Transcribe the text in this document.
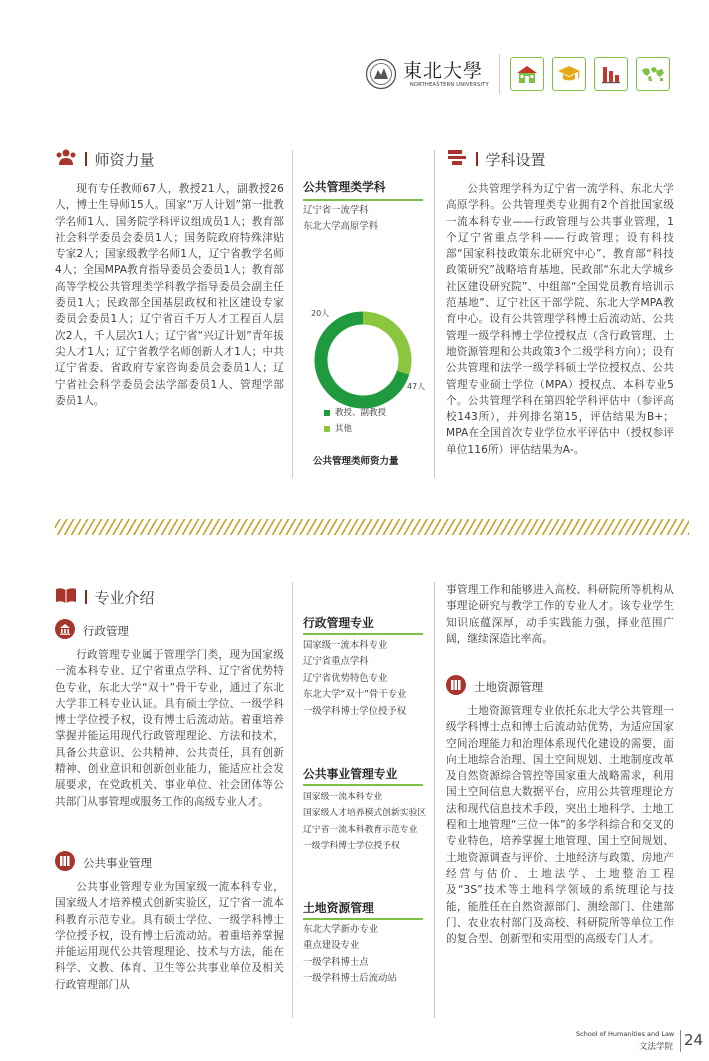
東北大學
NORTHEASTERN UNIVERSITY
师资力量

现有专任教师67人，教授21人，副教授26人，博士生导师15人。国家“万人计划”第一批教学名师1人、国务院学科评议组成员1人；教育部社会科学委员会委员1人；国务院政府特殊津贴专家2人；国家级教学名师1人，辽宁省教学名师4人；全国MPA教育指导委员会委员1人；教育部高等学校公共管理类学科教学指导委员会副主任委员1人；民政部全国基层政权和社区建设专家委员会委员1人；辽宁省百千万人才工程百人层次2人，千人层次1人；辽宁省“兴辽计划”青年拔尖人才1人；辽宁省教学名师创新人才1人；中共辽宁省委、省政府专家咨询委员会委员1人；辽宁省社会科学委员会法学部委员1人、管理学部委员1人。

公共管理类学科
辽宁省一流学科
东北大学高原学科
47人
20人
教授、副教授
其他
公共管理类师资力量
学科设置

公共管理学科为辽宁省一流学科、东北大学高原学科。公共管理类专业拥有2个首批国家级一流本科专业——行政管理与公共事业管理，1个辽宁省重点学科——行政管理；设有科技部“国家科技政策东北研究中心”、教育部“科技政策研究”战略培育基地、民政部“东北大学城乡社区建设研究院”、中组部“全国党员教育培训示范基地”、辽宁社区干部学院、东北大学MPA教育中心。设有公共管理学科博士后流动站、公共管理一级学科博士学位授权点（含行政管理、土地资源管理和公共政策3个二级学科方向）；设有公共管理和法学一级学科硕士学位授权点、公共管理专业硕士学位（MPA）授权点、本科专业5个。公共管理学科在第四轮学科评估中（参评高校143所），并列排名第15，评估结果为B+；MPA在全国首次专业学位水平评估中（授权参评单位116所）评估结果为A-。

专业介绍
行政管理

行政管理专业属于管理学门类，现为国家级一流本科专业、辽宁省重点学科、辽宁省优势特色专业，东北大学“双十”骨干专业，通过了东北大学非工科专业认证。具有硕士学位、一级学科博士学位授予权，设有博士后流动站。着重培养掌握并能运用现代行政管理理论、方法和技术，具备公共意识、公共精神、公共责任，具有创新精神、创业意识和创新创业能力，能适应社会发展要求，在党政机关、事业单位、社会团体等公共部门从事管理或服务工作的高级专业人才。

公共事业管理

公共事业管理专业为国家级一流本科专业，国家级人才培养模式创新实验区，辽宁省一流本科教育示范专业。具有硕士学位、一级学科博士学位授予权，设有博士后流动站。着重培养掌握并能运用现代公共管理理论、技术与方法，能在科学、文教、体育、卫生等公共事业单位及相关行政管理部门从

行政管理专业
国家级一流本科专业
辽宁省重点学科
辽宁省优势特色专业
东北大学“双十”骨干专业
一级学科博士学位授予权
公共事业管理专业
国家级一流本科专业
国家级人才培养模式创新实验区
辽宁省一流本科教育示范专业
一级学科博士学位授予权
土地资源管理
东北大学新办专业
重点建设专业
一级学科博士点
一级学科博士后流动站

事管理工作和能够进入高校、科研院所等机构从事理论研究与教学工作的专业人才。该专业学生知识底蕴深厚，动手实践能力强，择业范围广阔，继续深造比率高。

土地资源管理

土地资源管理专业依托东北大学公共管理一级学科博士点和博士后流动站优势，为适应国家空间治理能力和治理体系现代化建设的需要，面向土地综合治理、国土空间规划、土地制度改革及自然资源综合管控等国家重大战略需求，利用国土空间信息大数据平台，应用公共管理理论方法和现代信息技术手段，突出土地科学、土地工程和土地管理“三位一体”的多学科综合和交叉的专业特色，培养掌握土地管理、国土空间规划、土地资源调查与评价、土地经济与政策、房地产经营与估价、土地法学、土地整治工程及“3S”技术等土地科学领域的系统理论与技能，能胜任在自然资源部门、测绘部门、住建部门、农业农村部门及高校、科研院所等单位工作的复合型、创新型和实用型的高级专门人才。

School of Humanities and Law
文法学院 24
